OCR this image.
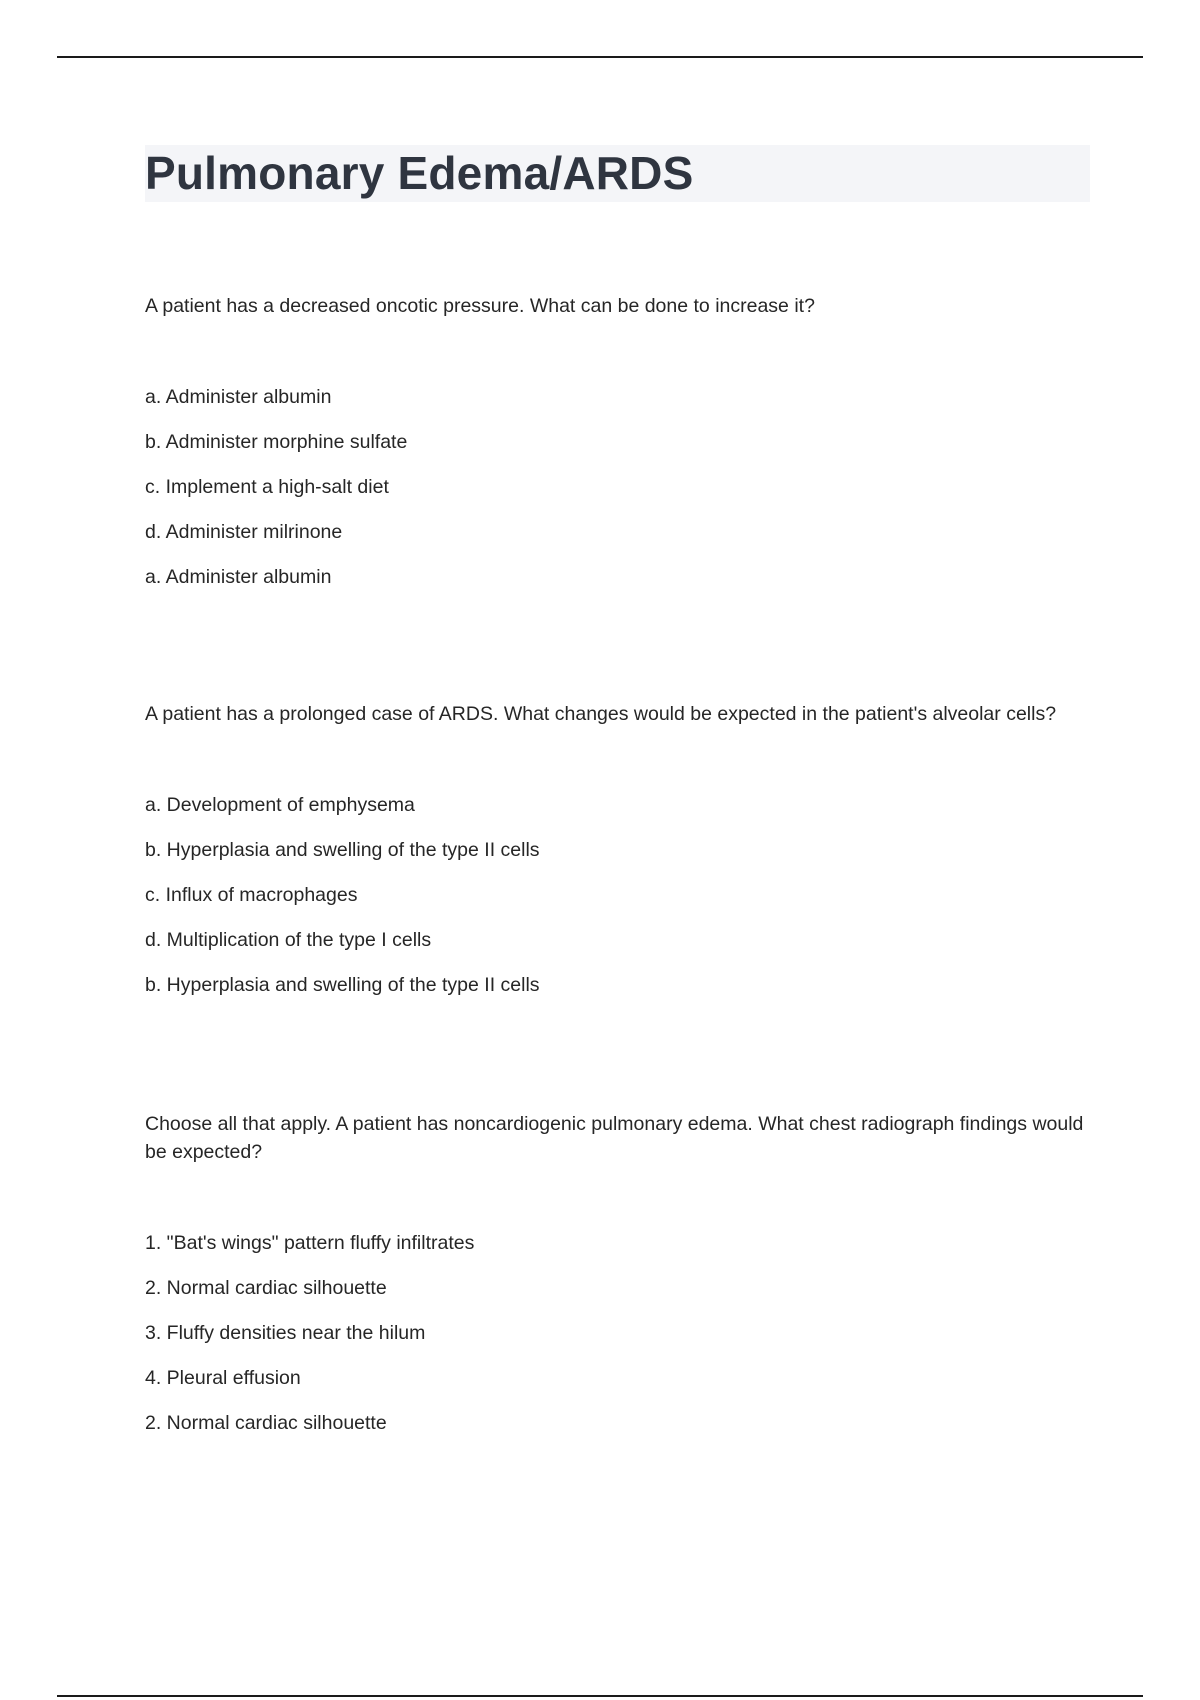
Pulmonary Edema/ARDS

A patient has a decreased oncotic pressure. What can be done to increase it?

a. Administer albumin
b. Administer morphine sulfate
c. Implement a high-salt diet
d. Administer milrinone
a. Administer albumin

A patient has a prolonged case of ARDS. What changes would be expected in the patient's alveolar cells?

a. Development of emphysema
b. Hyperplasia and swelling of the type II cells
c. Influx of macrophages
d. Multiplication of the type I cells
b. Hyperplasia and swelling of the type II cells

Choose all that apply. A patient has noncardiogenic pulmonary edema. What chest radiograph findings would be expected?

1. "Bat's wings" pattern fluffy infiltrates
2. Normal cardiac silhouette
3. Fluffy densities near the hilum
4. Pleural effusion
2. Normal cardiac silhouette
